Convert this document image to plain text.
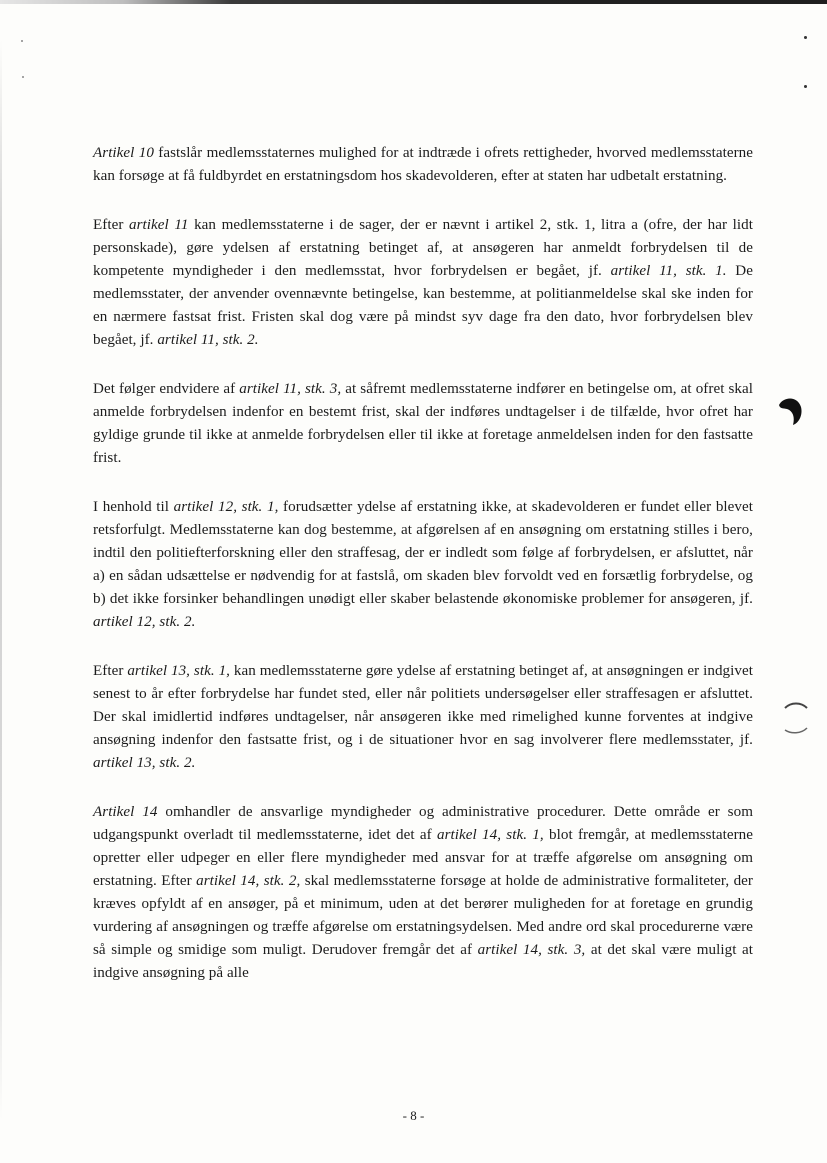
Artikel 10 fastslår medlemsstaternes mulighed for at indtræde i ofrets rettigheder, hvorved medlemsstaterne kan forsøge at få fuldbyrdet en erstatningsdom hos skadevolderen, efter at staten har udbetalt erstatning.

Efter artikel 11 kan medlemsstaterne i de sager, der er nævnt i artikel 2, stk. 1, litra a (ofre, der har lidt personskade), gøre ydelsen af erstatning betinget af, at ansøgeren har anmeldt forbrydelsen til de kompetente myndigheder i den medlemsstat, hvor forbrydelsen er begået, jf. artikel 11, stk. 1. De medlemsstater, der anvender ovennævnte betingelse, kan bestemme, at politianmeldelse skal ske inden for en nærmere fastsat frist. Fristen skal dog være på mindst syv dage fra den dato, hvor forbrydelsen blev begået, jf. artikel 11, stk. 2.

Det følger endvidere af artikel 11, stk. 3, at såfremt medlemsstaterne indfører en betingelse om, at ofret skal anmelde forbrydelsen indenfor en bestemt frist, skal der indføres undtagelser i de tilfælde, hvor ofret har gyldige grunde til ikke at anmelde forbrydelsen eller til ikke at foretage anmeldelsen inden for den fastsatte frist.

I henhold til artikel 12, stk. 1, forudsætter ydelse af erstatning ikke, at skadevolderen er fundet eller blevet retsforfulgt. Medlemsstaterne kan dog bestemme, at afgørelsen af en ansøgning om erstatning stilles i bero, indtil den politiefterforskning eller den straffesag, der er indledt som følge af forbrydelsen, er afsluttet, når a) en sådan udsættelse er nødvendig for at fastslå, om skaden blev forvoldt ved en forsætlig forbrydelse, og b) det ikke forsinker behandlingen unødigt eller skaber belastende økonomiske problemer for ansøgeren, jf. artikel 12, stk. 2.

Efter artikel 13, stk. 1, kan medlemsstaterne gøre ydelse af erstatning betinget af, at ansøgningen er indgivet senest to år efter forbrydelse har fundet sted, eller når politiets undersøgelser eller straffesagen er afsluttet. Der skal imidlertid indføres undtagelser, når ansøgeren ikke med rimelighed kunne forventes at indgive ansøgning indenfor den fastsatte frist, og i de situationer hvor en sag involverer flere medlemsstater, jf. artikel 13, stk. 2.

Artikel 14 omhandler de ansvarlige myndigheder og administrative procedurer. Dette område er som udgangspunkt overladt til medlemsstaterne, idet det af artikel 14, stk. 1, blot fremgår, at medlemsstaterne opretter eller udpeger en eller flere myndigheder med ansvar for at træffe afgørelse om ansøgning om erstatning. Efter artikel 14, stk. 2, skal medlemsstaterne forsøge at holde de administrative formaliteter, der kræves opfyldt af en ansøger, på et minimum, uden at det berører muligheden for at foretage en grundig vurdering af ansøgningen og træffe afgørelse om erstatningsydelsen. Med andre ord skal procedurerne være så simple og smidige som muligt. Derudover fremgår det af artikel 14, stk. 3, at det skal være muligt at indgive ansøgning på alle

- 8 -
